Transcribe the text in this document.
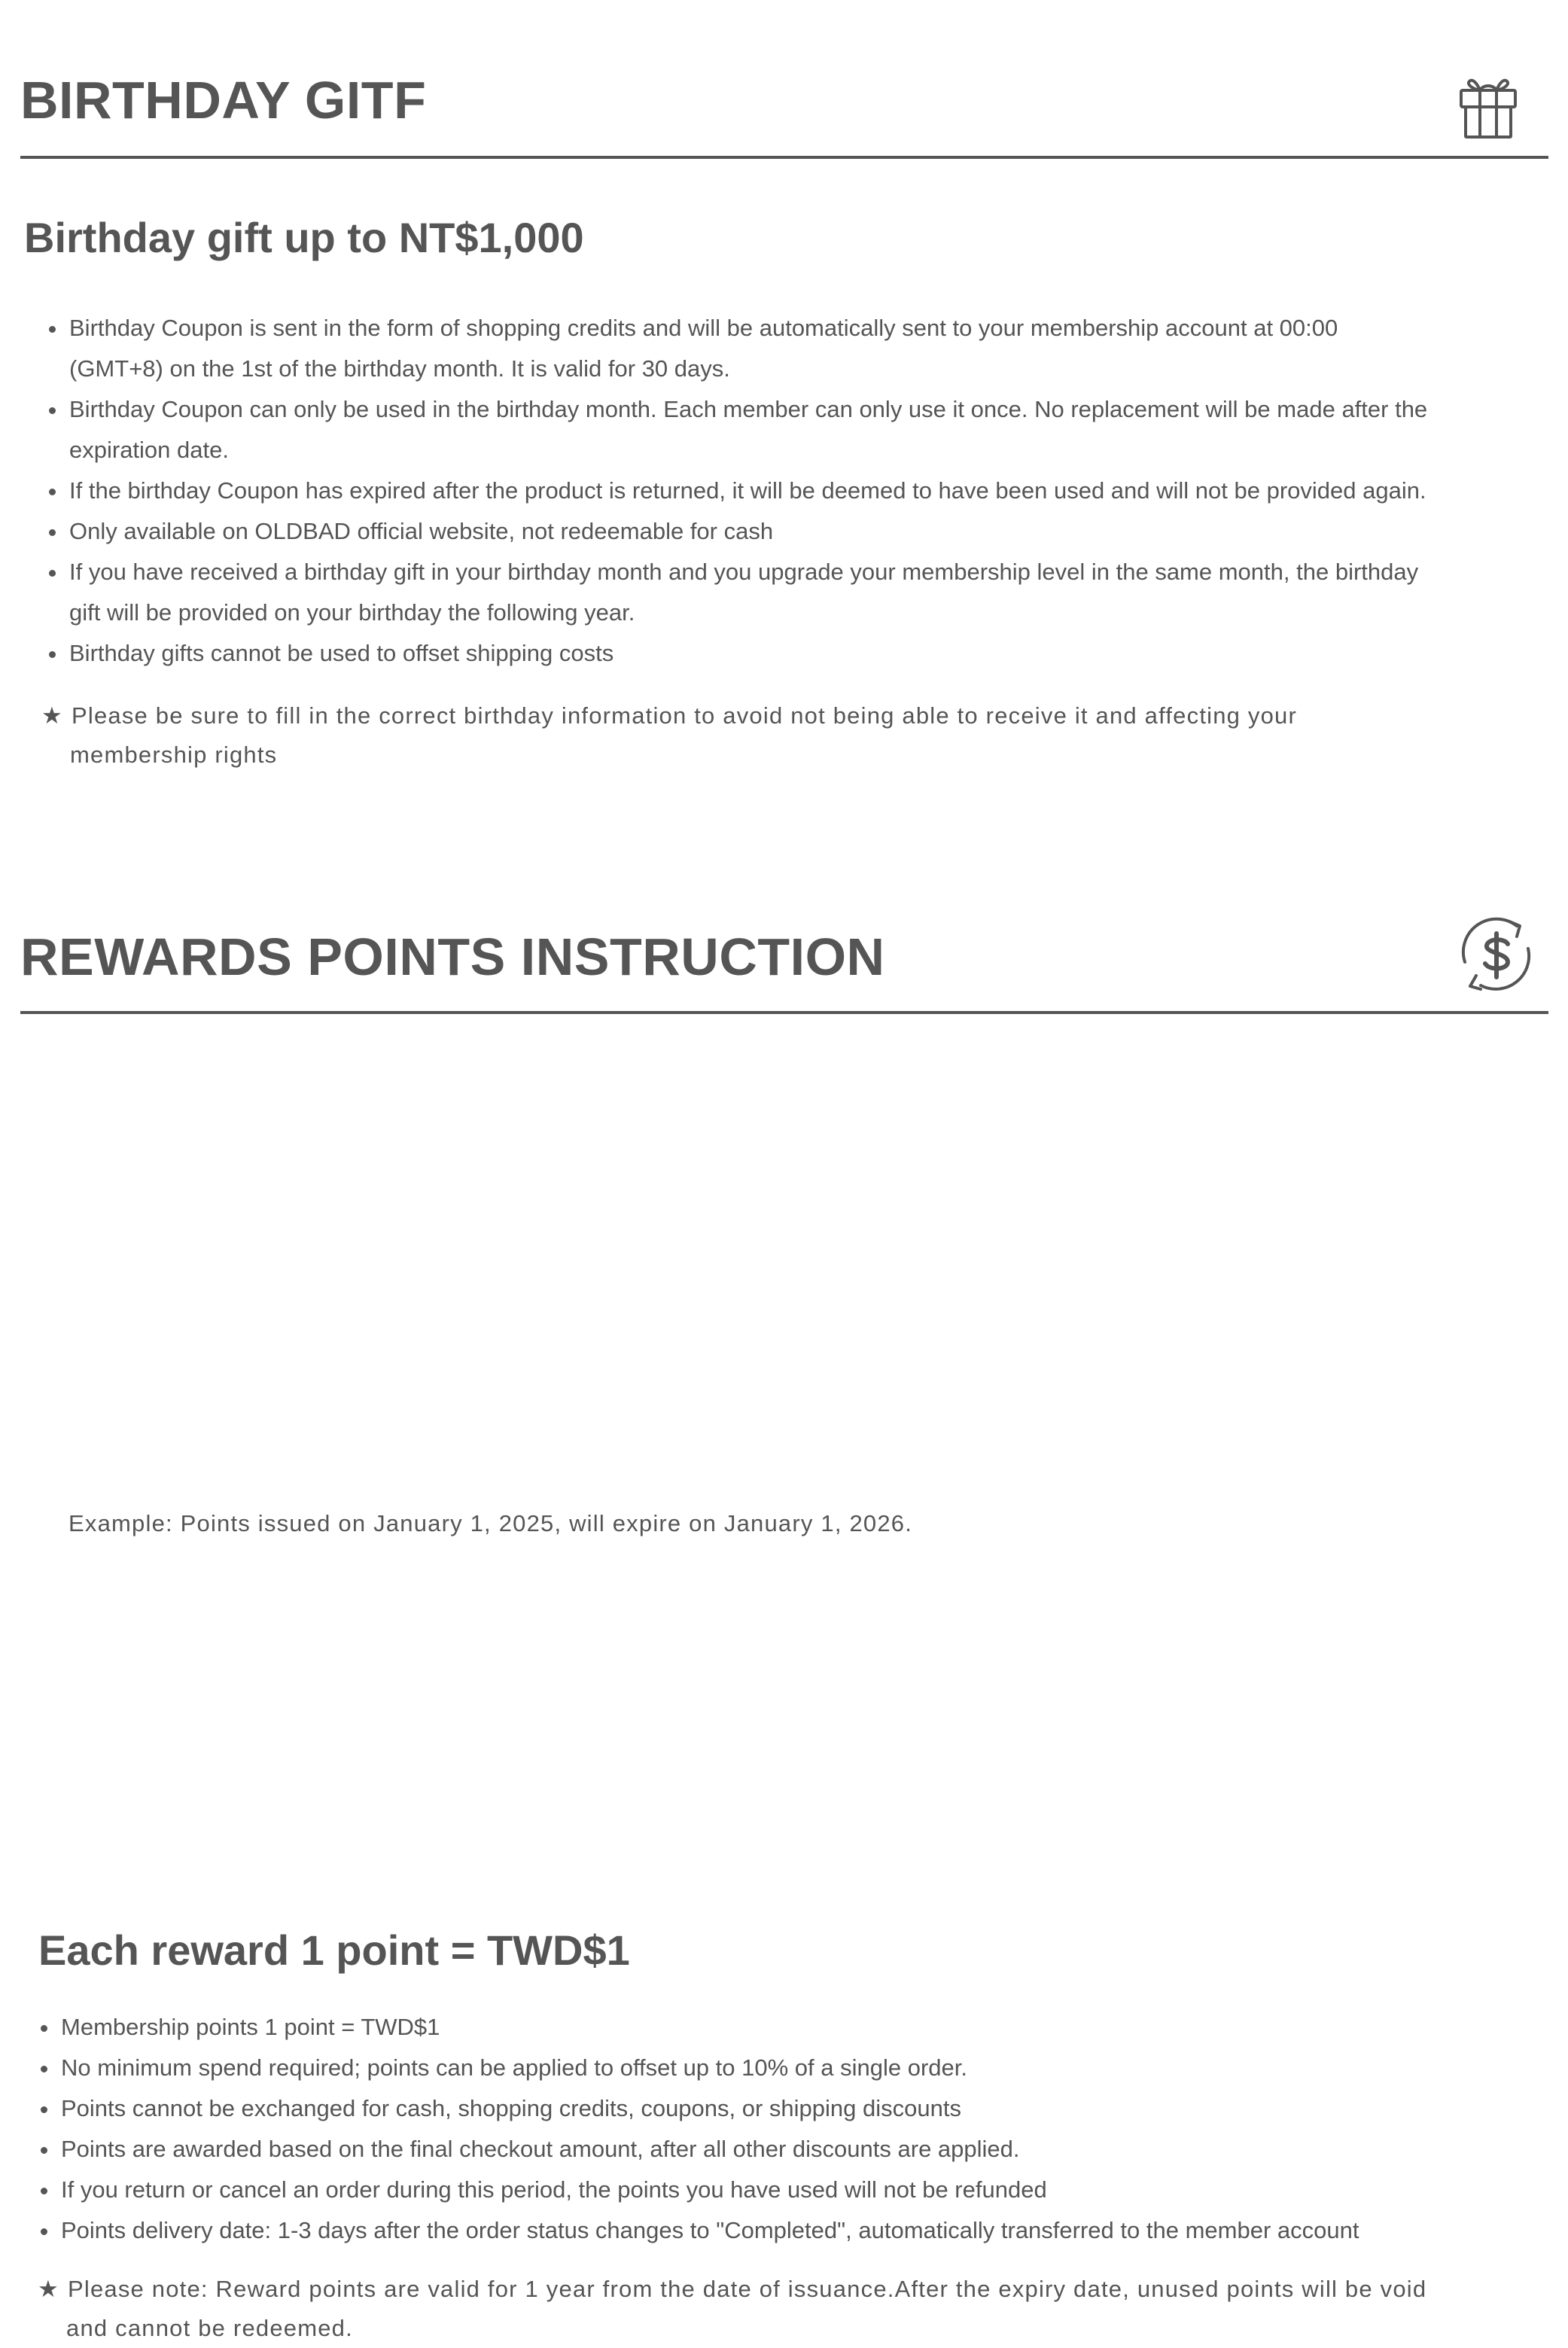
BIRTHDAY GITF
Birthday gift up to NT$1,000
Birthday Coupon is sent in the form of shopping credits and will be automatically sent to your membership account at 00:00
(GMT+8) on the 1st of the birthday month. It is valid for 30 days.
Birthday Coupon can only be used in the birthday month. Each member can only use it once. No replacement will be made after the
expiration date.
If the birthday Coupon has expired after the product is returned, it will be deemed to have been used and will not be provided again.
Only available on OLDBAD official website, not redeemable for cash
If you have received a birthday gift in your birthday month and you upgrade your membership level in the same month, the birthday
gift will be provided on your birthday the following year.
Birthday gifts cannot be used to offset shipping costs

★ Please be sure to fill in the correct birthday information to avoid not being able to receive it and affecting your
membership rights

REWARDS POINTS INSTRUCTION
Each reward 1 point = TWD$1
Membership points 1 point = TWD$1
No minimum spend required; points can be applied to offset up to 10% of a single order.
Points cannot be exchanged for cash, shopping credits, coupons, or shipping discounts
Points are awarded based on the final checkout amount, after all other discounts are applied.
If you return or cancel an order during this period, the points you have used will not be refunded
Points delivery date: 1-3 days after the order status changes to "Completed", automatically transferred to the member account

★ Please note: Reward points are valid for 1 year from the date of issuance.After the expiry date, unused points will be void
and cannot be redeemed.

Example: Points issued on January 1, 2025, will expire on January 1, 2026.
